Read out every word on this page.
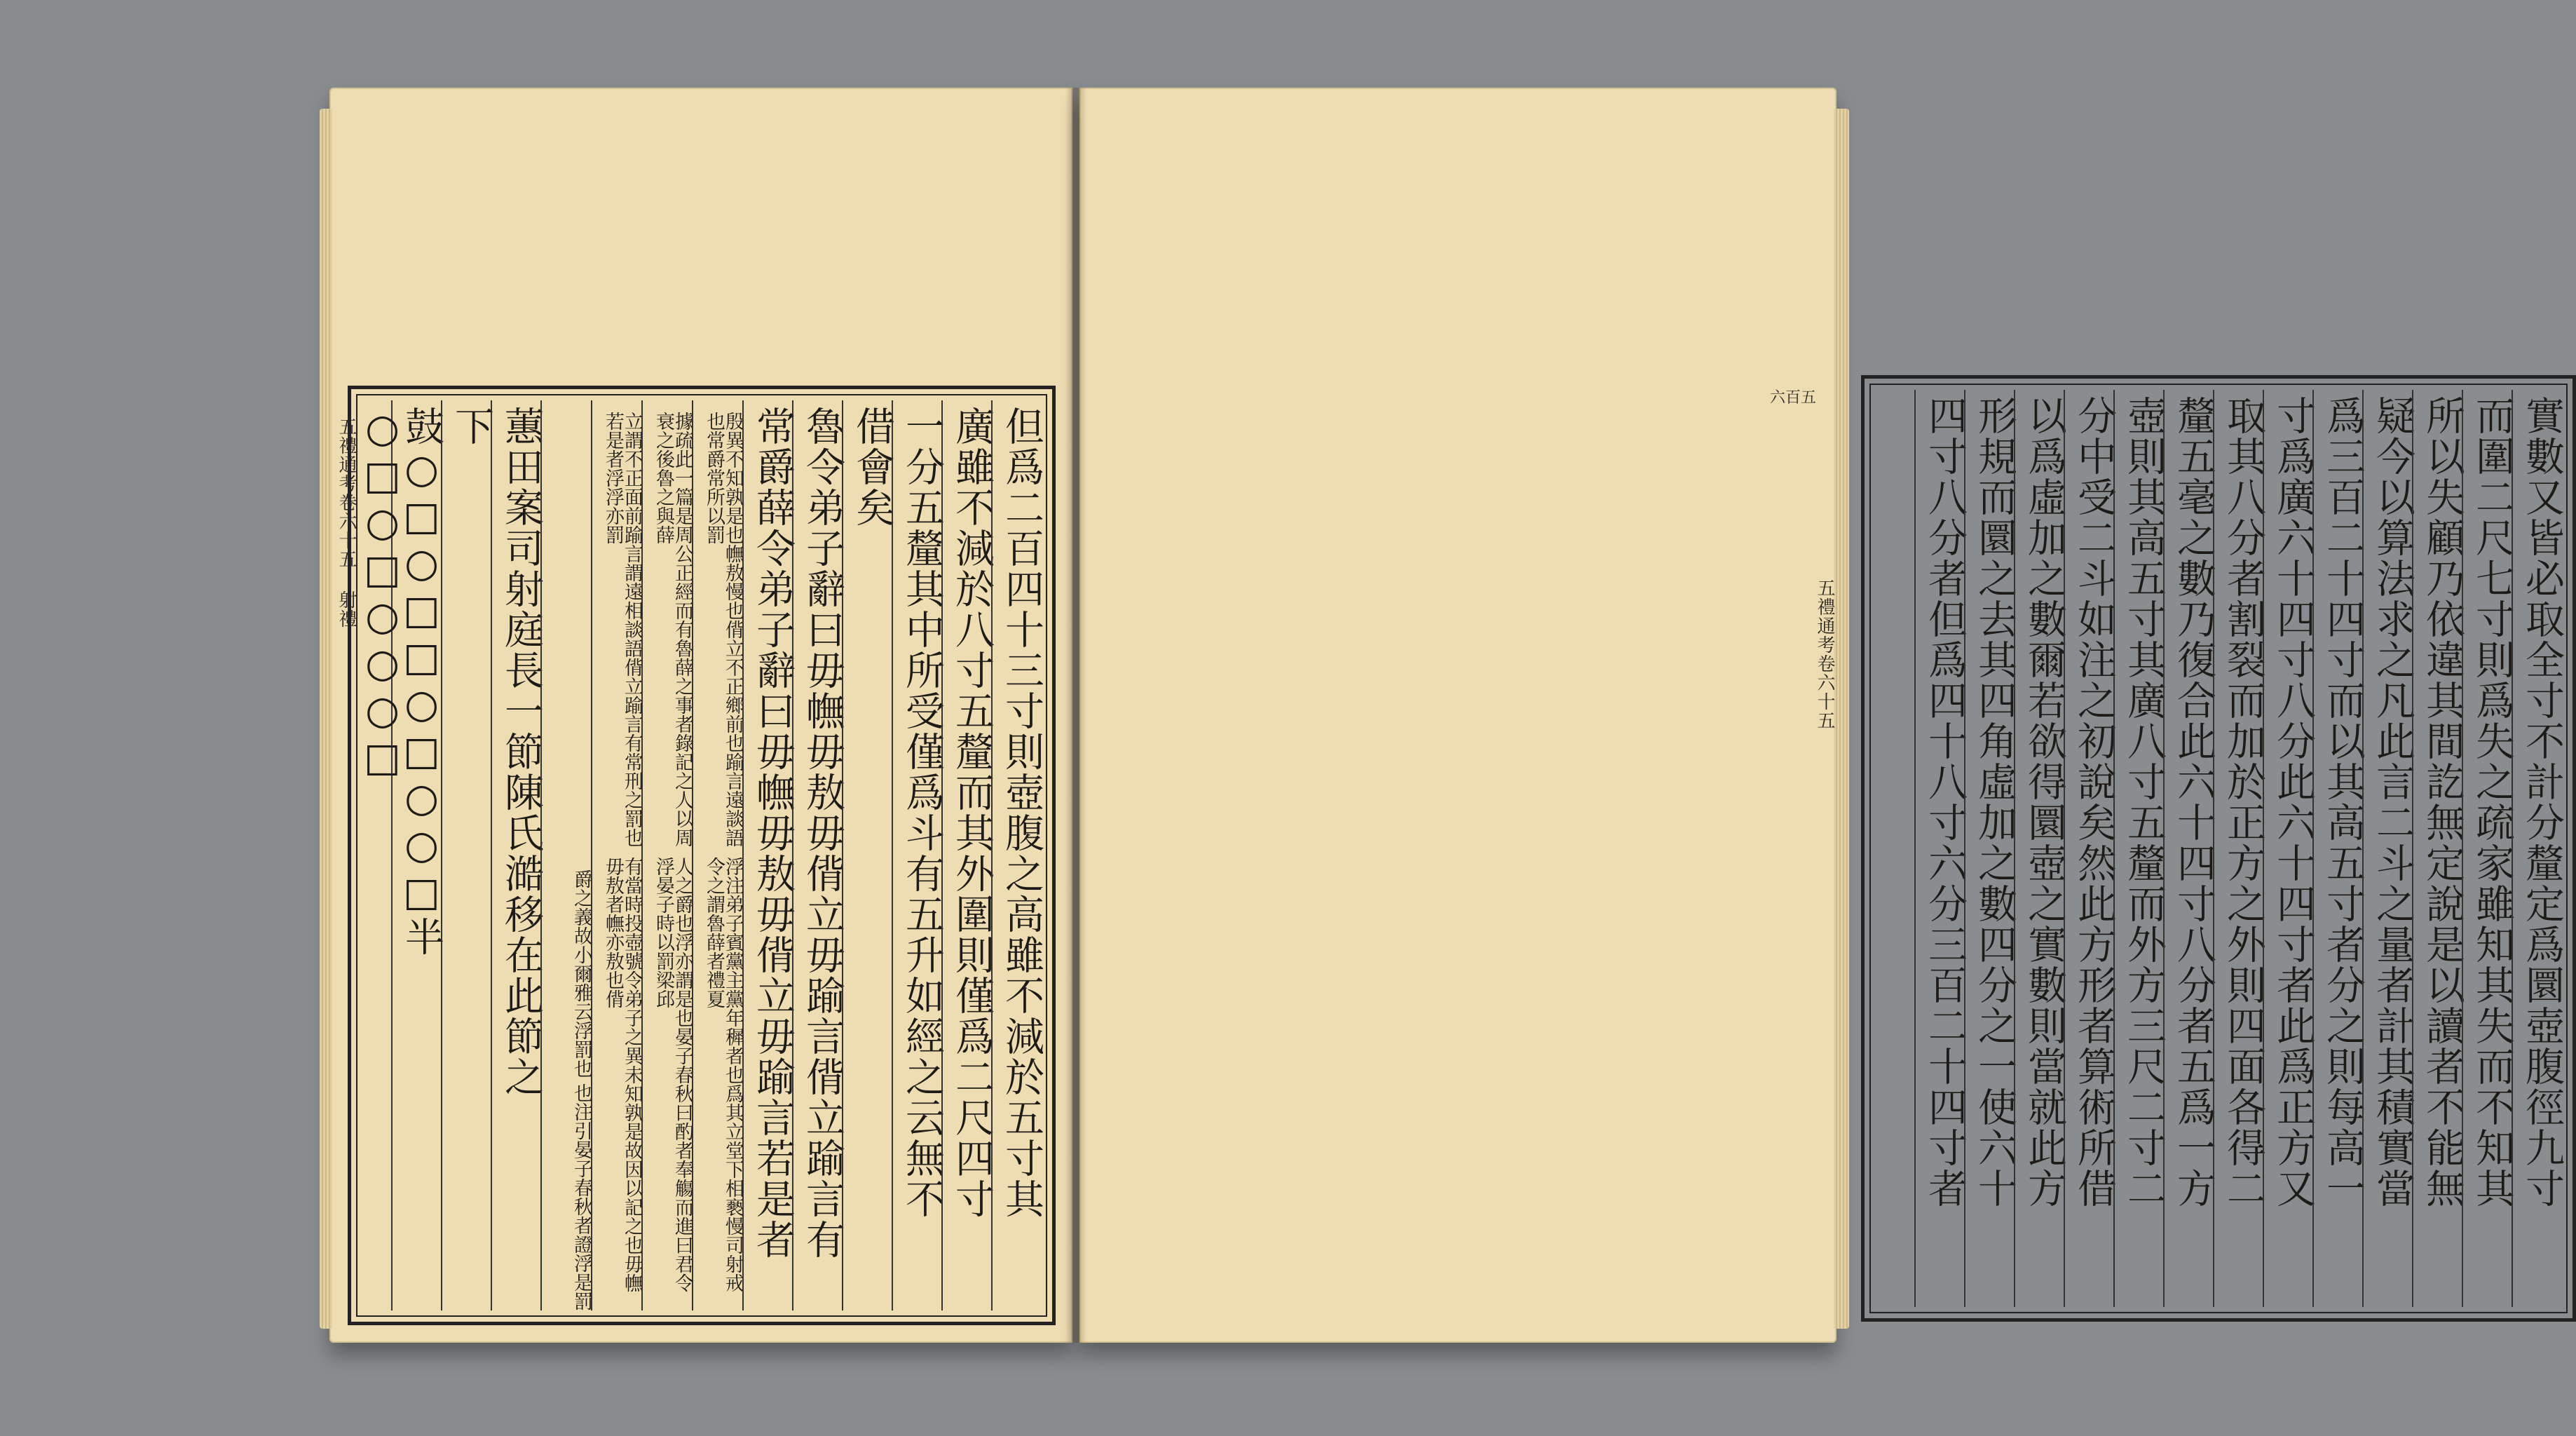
五禮通考卷六十五 射禮	但爲二百四十三寸則壺腹之高雖不減於五寸其
廣雖不減於八寸五釐而其外圍則僅爲二尺四寸
一分五釐其中所受僅爲斗有五升如經之云無不
借會矣
魯令弟子辭曰毋幠毋敖毋偝立毋踰言偝立踰言有
常爵薛令弟子辭曰毋幠毋敖毋偝立毋踰言若是者
浮注弟子賓黨主黨年穉者也爲其立堂下相褻慢司射戒令之謂魯薛者禮夏
殷異不知孰是也幠敖慢也偝立不正鄉前也踰言遠談語也常爵常所以罰
人之爵也浮亦謂是也晏子春秋曰酌者奉觴而進曰君令浮晏子時以罰梁邱
據疏此一篇是周公正經而有魯薛之事者錄記之人以周衰之後魯之與薛
有當時投壺號令弟子之異未知孰是故因以記之也毋幠毋敖者幠亦敖也偝
立謂不正面前踰言謂遠相談語偝立踰言有常刑之罰也若是者浮浮亦罰
也注引晏子春秋者證浮是罰
爵之義故小爾雅云浮罰也
蕙田案司射庭長一節陳氏澔移在此節之
下
鼓○□○□□○□○○□半○□○□○○○□
六百五
五禮通考卷六十五	實數又皆必取全寸不計分釐定爲圜壺腹徑九寸
而圍二尺七寸則爲失之疏家雖知其失而不知其
所以失顧乃依違其間訖無定說是以讀者不能無
疑今以算法求之凡此言二斗之量者計其積實當
爲三百二十四寸而以其高五寸者分之則每高一
寸爲廣六十四寸八分此六十四寸者此爲正方又
取其八分者割裂而加於正方之外則四面各得二
釐五毫之數乃復合此六十四寸八分者五爲一方
壺則其高五寸其廣八寸五釐而外方三尺二寸二
分中受二斗如注之初說矣然此方形者算術所借
以爲虛加之數爾若欲得圜壺之實數則當就此方
形規而圜之去其四角虛加之數四分之一使六十
四寸八分者但爲四十八寸六分三百二十四寸者
